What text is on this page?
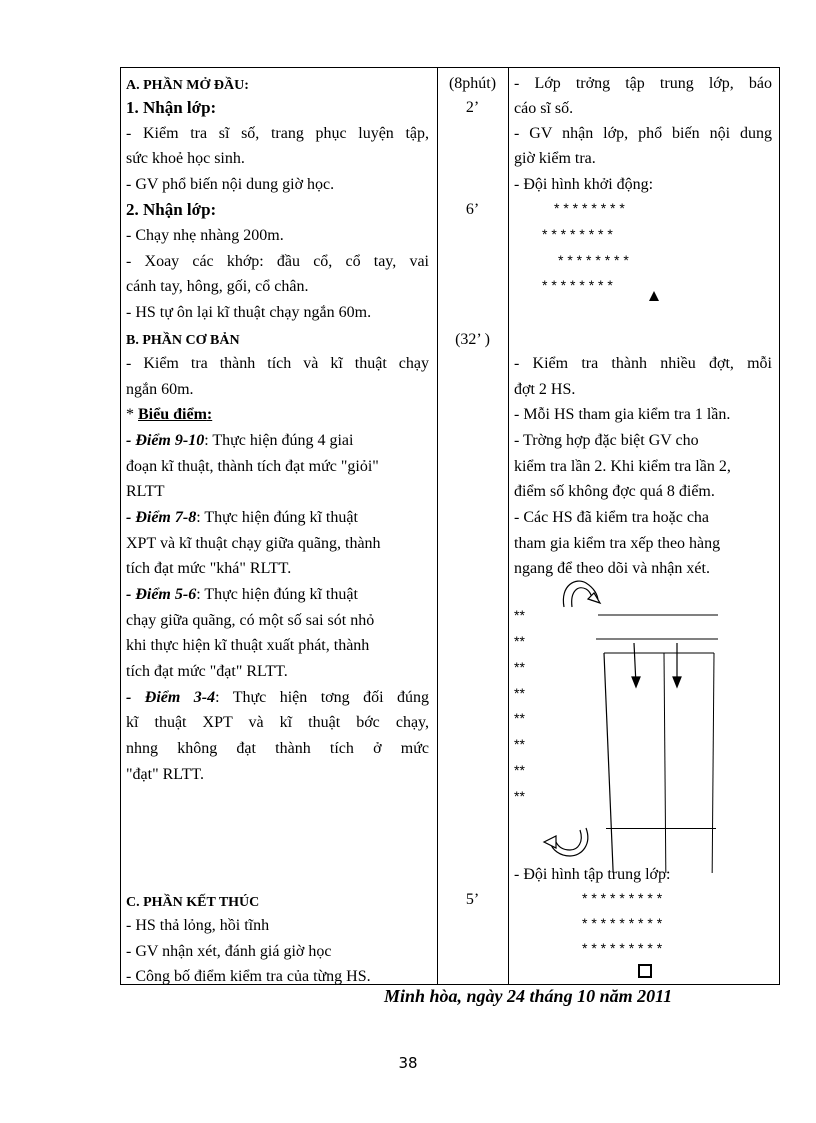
A. PHẦN MỞ ĐẦU:
1. Nhận lớp:
- Kiểm tra sĩ số, trang phục luyện tập,
sức khoẻ học sinh.
- GV phổ biến nội dung giờ học.
2. Nhận lớp:
- Chạy nhẹ nhàng 200m.
- Xoay các khớp: đầu cổ, cổ tay, vai
cánh tay, hông, gối, cổ chân.
- HS tự ôn lại kĩ thuật chạy ngắn 60m.
B. PHẦN CƠ BẢN
- Kiểm tra thành tích và kĩ thuật chạy
ngắn 60m.
* Biểu điểm:
- Điểm 9-10: Thực hiện đúng 4 giai
đoạn kĩ thuật, thành tích đạt mức "giỏi"
RLTT
- Điểm 7-8: Thực hiện đúng kĩ thuật
XPT và kĩ thuật chạy giữa quãng, thành
tích đạt mức "khá" RLTT.
- Điểm 5-6: Thực hiện đúng kĩ thuật
chạy giữa quãng, có một số sai sót nhỏ
khi thực hiện kĩ thuật xuất phát, thành
tích đạt mức "đạt" RLTT.
- Điểm 3-4: Thực hiện tơng đối đúng
kĩ thuật XPT và kĩ thuật bớc chạy,
nhng không đạt thành tích ở mức
"đạt" RLTT.
C. PHẦN KẾT THÚC
- HS thả lỏng, hồi tĩnh
- GV nhận xét, đánh giá giờ học
- Công bố điểm kiểm tra của từng HS.
(8phút)
2’
6’
(32’ )
5’
- Lớp trởng tập trung lớp, báo
cáo sĩ số.
- GV nhận lớp, phổ biến nội dung
giờ kiểm tra.
- Đội hình khởi động:
* * * * * * * *
* * * * * * * *
* * * * * * * *
* * * * * * * *
- Kiểm tra thành nhiều đợt, mỗi
đợt 2 HS.
- Mỗi HS tham gia kiểm tra 1 lần.
- Trờng hợp đặc biệt GV cho
kiểm tra lần 2. Khi kiểm tra lần 2,
điểm số không đợc quá 8 điểm.
- Các HS đã kiểm tra hoặc cha
tham gia kiểm tra xếp theo hàng
ngang để theo dõi và nhận xét.
**
**
**
**
**
**
**
**
- Đội hình tập trung lớp:
* * * * * * * * *
* * * * * * * * *
* * * * * * * * *
Minh hòa, ngày 24 tháng 10 năm 2011
38
